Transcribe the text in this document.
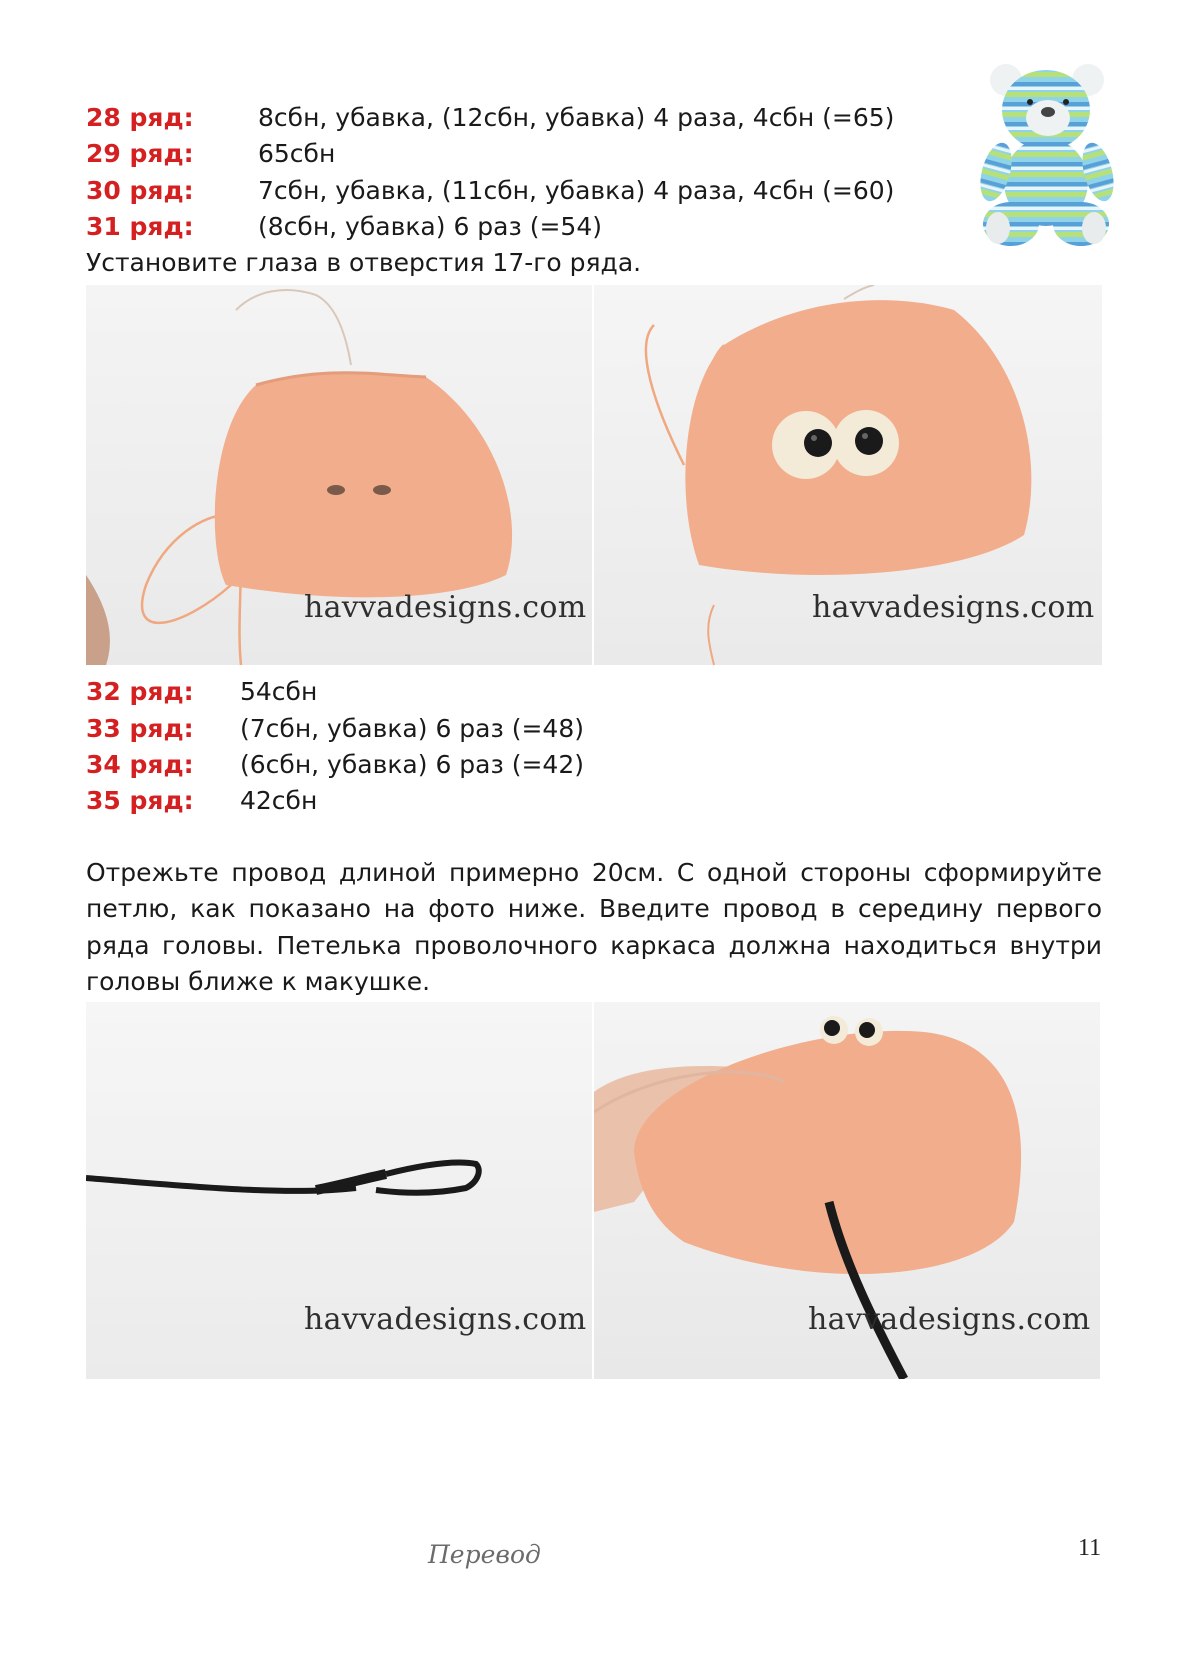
28 ряд:	8сбн, убавка, (12сбн, убавка) 4 раза, 4сбн (=65)
29 ряд:	65сбн
30 ряд:	7сбн, убавка, (11сбн, убавка) 4 раза, 4сбн (=60)
31 ряд:	(8сбн, убавка) 6 раз (=54)
Установите глаза в отверстия 17-го ряда.
havvadesigns.com	havvadesigns.com
32 ряд: 54сбн
33 ряд: (7сбн, убавка) 6 раз (=48)
34 ряд: (6сбн, убавка) 6 раз (=42)
35 ряд: 42сбн
Отрежьте провод длиной примерно 20см. С одной стороны сформируйте петлю, как показано на фото ниже. Введите провод в середину первого ряда головы. Петелька проволочного каркаса должна находиться внутри головы ближе к макушке.
havvadesigns.com	havvadesigns.com
Перевод	11
